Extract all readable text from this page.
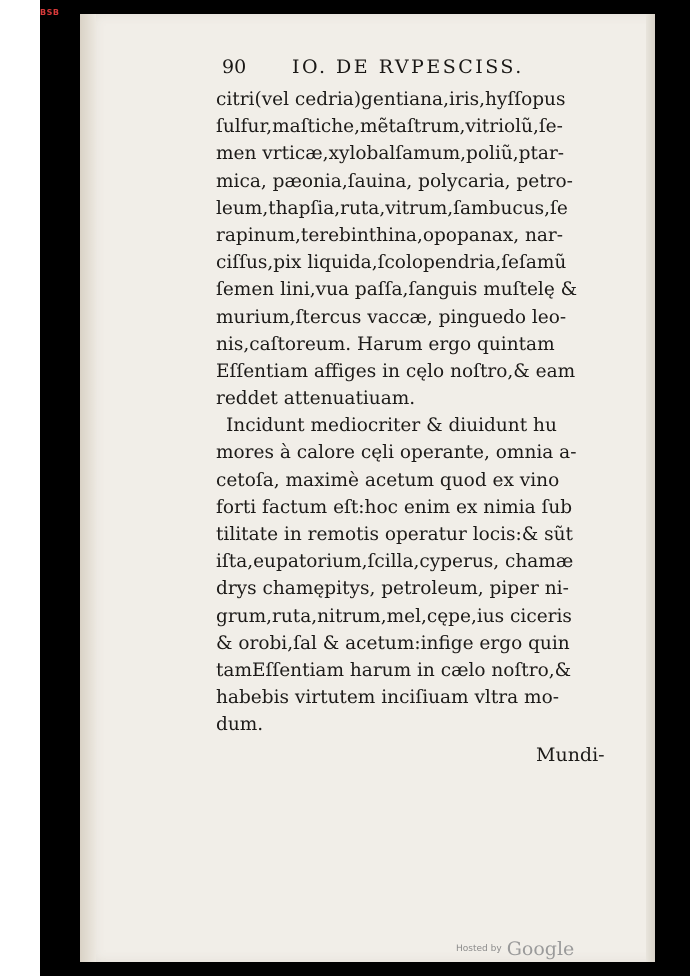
BSB
90 IO. DE RVPESCISS.
citri(vel cedria)gentiana,iris,hyſſopus
ſulfur,maſtiche,mẽtaſtrum,vitriolũ,ſe-
men vrticæ,xylobalſamum,poliũ,ptar-
mica, pæonia,ſauina, polycaria, petro-
leum,thapſia,ruta,vitrum,ſambucus,ſe
rapinum,terebinthina,opopanax, nar-
ciſſus,pix liquida,ſcolopendria,ſeſamũ
ſemen lini,vua paſſa,ſanguis muſtelę &
murium,ſtercus vaccæ, pinguedo leo-
nis,caſtoreum. Harum ergo quintam
Eſſentiam affiges in cęlo noſtro,& eam
reddet attenuatiuam.
Incidunt mediocriter & diuidunt hu
mores à calore cęli operante, omnia a-
cetoſa, maximè acetum quod ex vino
forti factum eſt:hoc enim ex nimia ſub
tilitate in remotis operatur locis:& sũt
iſta,eupatorium,ſcilla,cyperus, chamæ
drys chamępitys, petroleum, piper ni-
grum,ruta,nitrum,mel,cępe,ius ciceris
& orobi,ſal & acetum:infige ergo quin
tamEſſentiam harum in cælo noſtro,&
habebis virtutem inciſiuam vltra mo-
dum.
Mundi-
Hosted by Google
